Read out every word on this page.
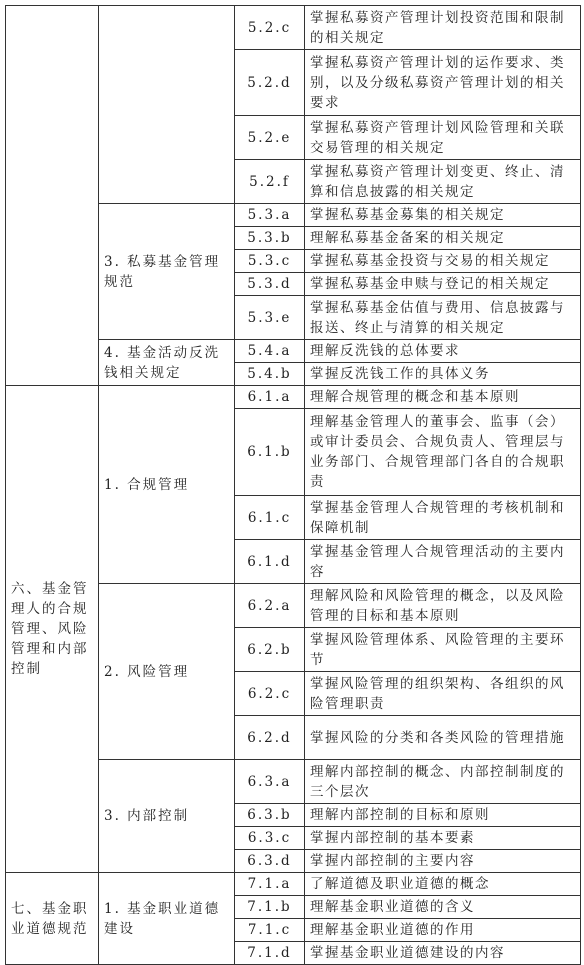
		5.2.c	掌握私募资产管理计划投资范围和限制的相关规定
		5.2.d	掌握私募资产管理计划的运作要求、类别，以及分级私募资产管理计划的相关要求
		5.2.e	掌握私募资产管理计划风险管理和关联交易管理的相关规定
		5.2.f	掌握私募资产管理计划变更、终止、清算和信息披露的相关规定
	3. 私募基金管理规范	5.3.a	掌握私募基金募集的相关规定
		5.3.b	理解私募基金备案的相关规定
		5.3.c	掌握私募基金投资与交易的相关规定
		5.3.d	掌握私募基金申赎与登记的相关规定
		5.3.e	掌握私募基金估值与费用、信息披露与报送、终止与清算的相关规定
	4. 基金活动反洗钱相关规定	5.4.a	理解反洗钱的总体要求
		5.4.b	掌握反洗钱工作的具体义务
六、基金管理人的合规管理、风险管理和内部控制	1. 合规管理	6.1.a	理解合规管理的概念和基本原则
		6.1.b	理解基金管理人的董事会、监事（会）或审计委员会、合规负责人、管理层与业务部门、合规管理部门各自的合规职责
		6.1.c	掌握基金管理人合规管理的考核机制和保障机制
		6.1.d	掌握基金管理人合规管理活动的主要内容
	2. 风险管理	6.2.a	理解风险和风险管理的概念，以及风险管理的目标和基本原则
		6.2.b	掌握风险管理体系、风险管理的主要环节
		6.2.c	掌握风险管理的组织架构、各组织的风险管理职责
		6.2.d	掌握风险的分类和各类风险的管理措施
	3. 内部控制	6.3.a	理解内部控制的概念、内部控制制度的三个层次
		6.3.b	理解内部控制的目标和原则
		6.3.c	掌握内部控制的基本要素
		6.3.d	掌握内部控制的主要内容
七、基金职业道德规范	1. 基金职业道德建设	7.1.a	了解道德及职业道德的概念
		7.1.b	理解基金职业道德的含义
		7.1.c	理解基金职业道德的作用
		7.1.d	掌握基金职业道德建设的内容
